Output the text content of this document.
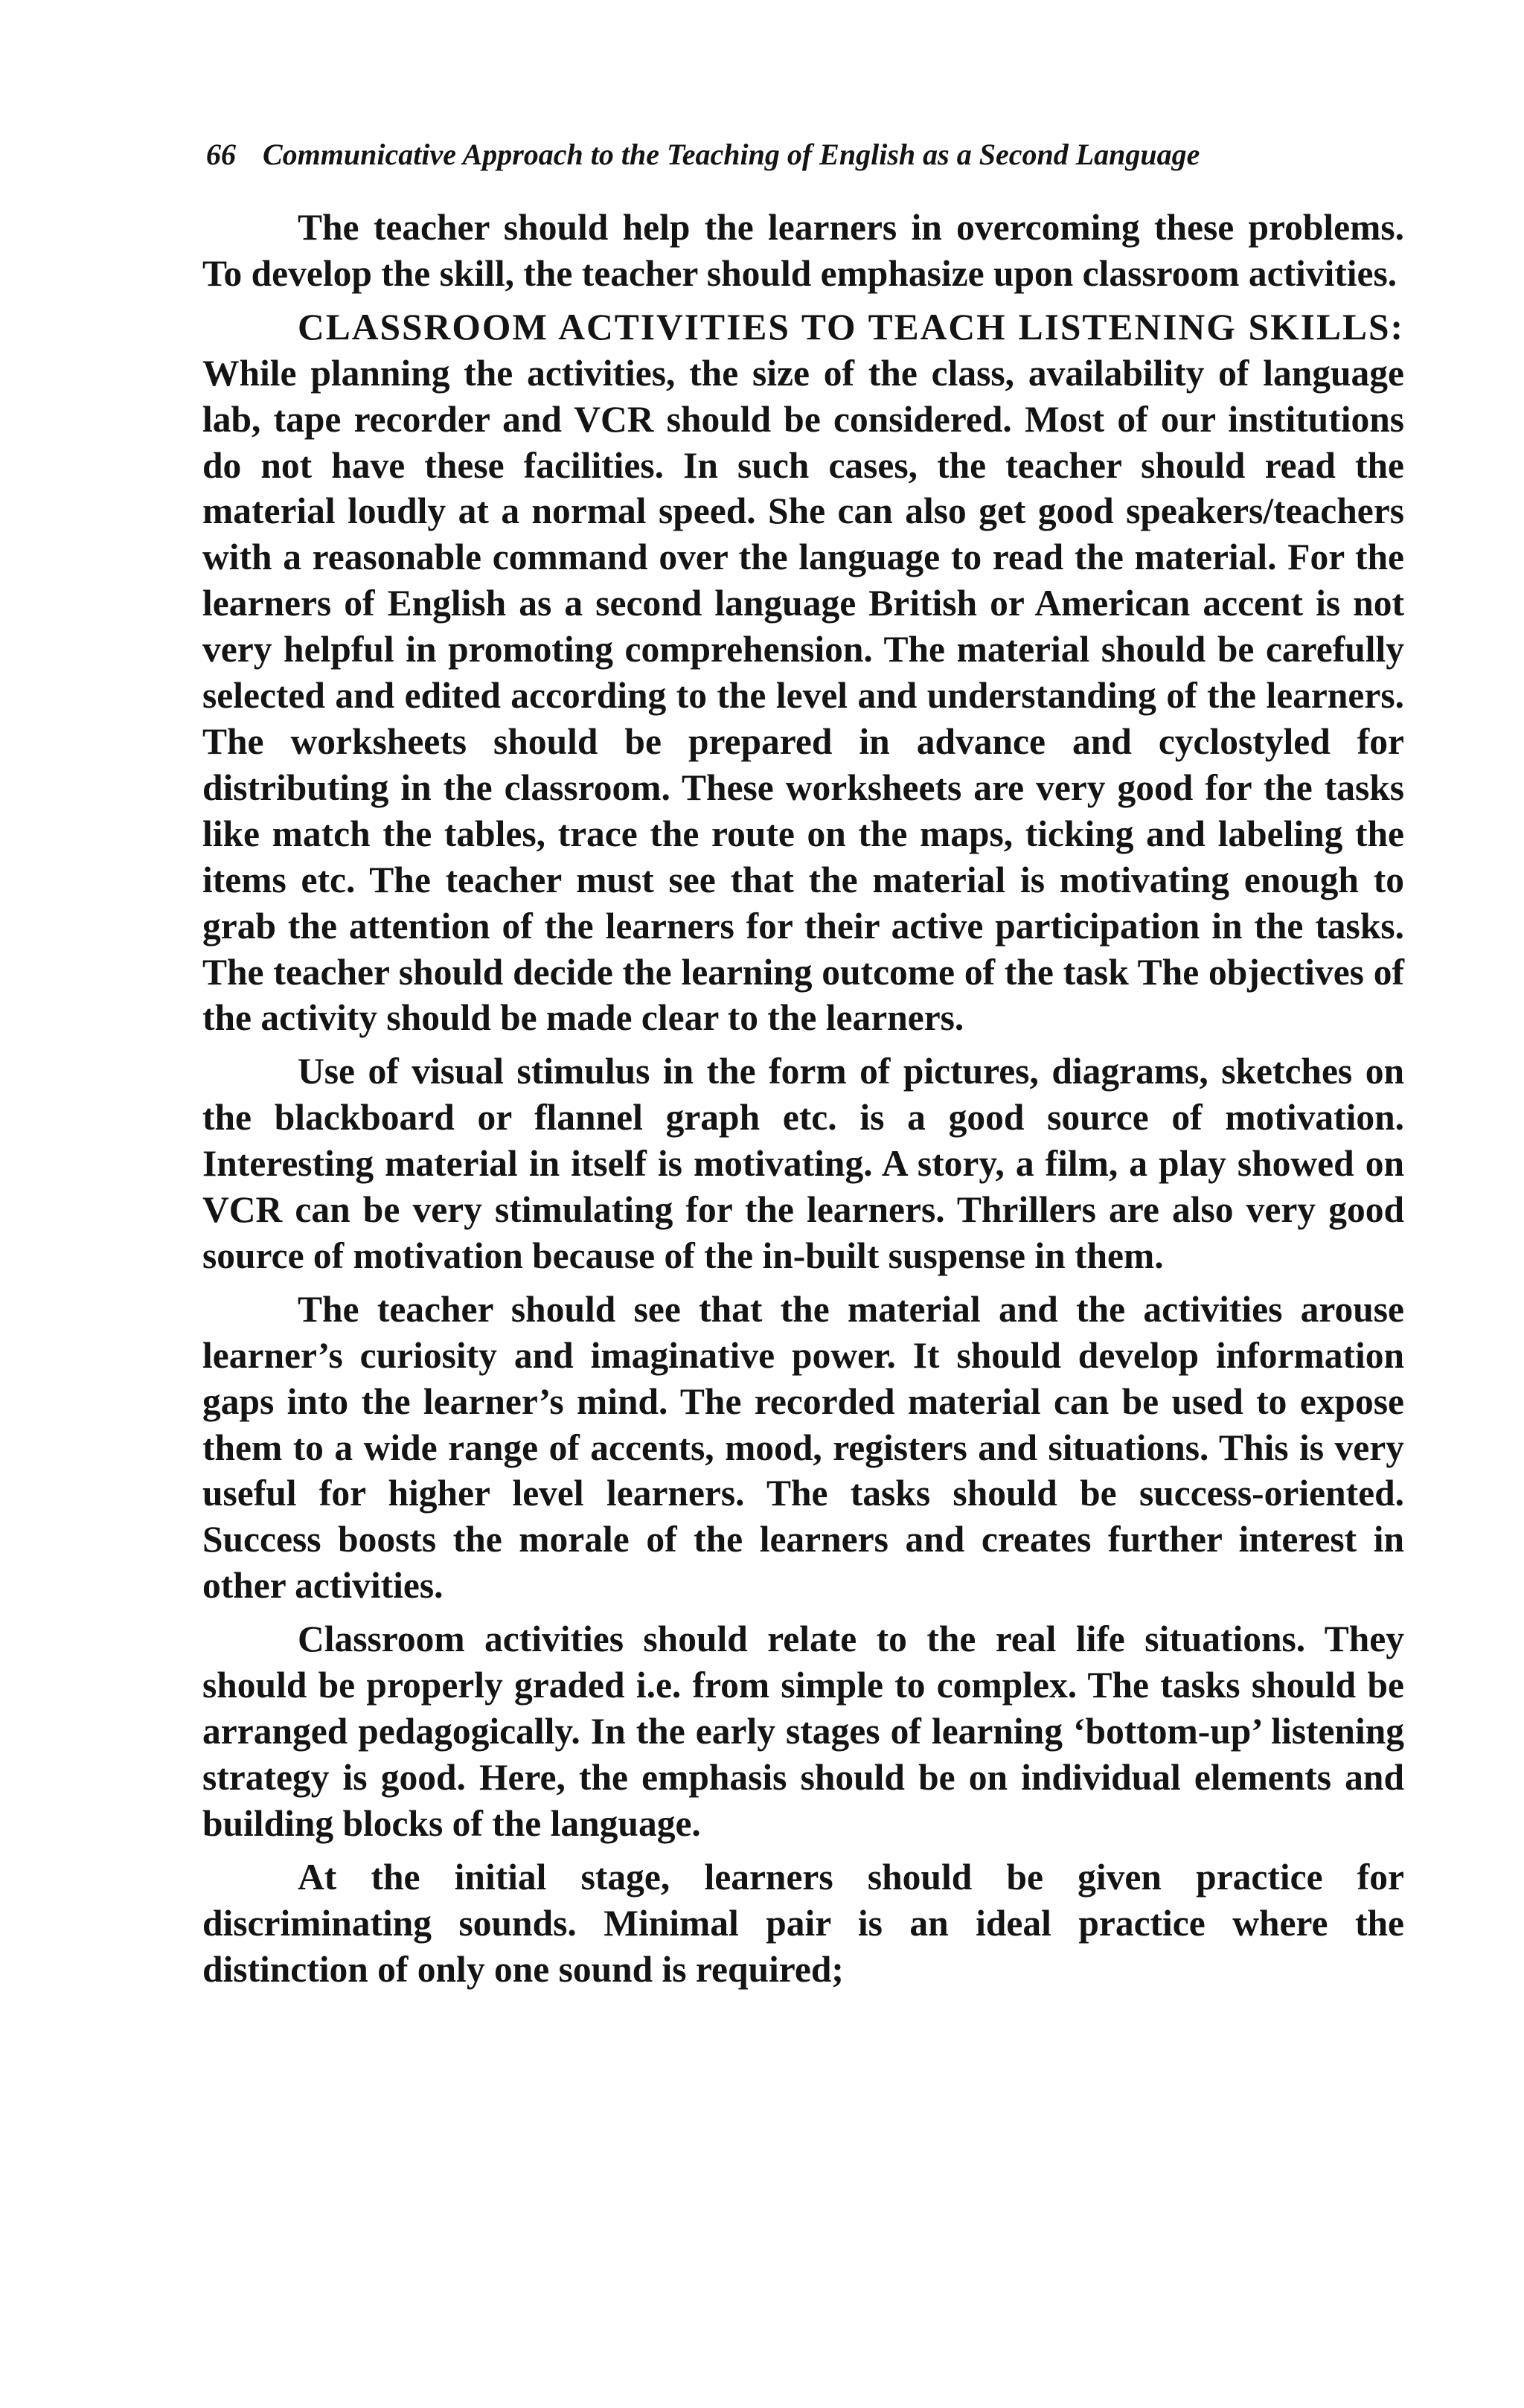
66 Communicative Approach to the Teaching of English as a Second Language

The teacher should help the learners in overcoming these problems. To develop the skill, the teacher should emphasize upon classroom activities.

CLASSROOM ACTIVITIES TO TEACH LISTENING SKILLS: While planning the activities, the size of the class, availability of language lab, tape recorder and VCR should be considered. Most of our institutions do not have these facilities. In such cases, the teacher should read the material loudly at a normal speed. She can also get good speakers/teachers with a reasonable command over the language to read the material. For the learners of English as a second language British or American accent is not very helpful in promoting comprehension. The material should be carefully selected and edited according to the level and understanding of the learners. The worksheets should be prepared in advance and cyclostyled for distributing in the classroom. These worksheets are very good for the tasks like match the tables, trace the route on the maps, ticking and labeling the items etc. The teacher must see that the material is motivating enough to grab the attention of the learners for their active participation in the tasks. The teacher should decide the learning outcome of the task The objectives of the activity should be made clear to the learners.

Use of visual stimulus in the form of pictures, diagrams, sketches on the blackboard or flannel graph etc. is a good source of motivation. Interesting material in itself is motivating. A story, a film, a play showed on VCR can be very stimulating for the learners. Thrillers are also very good source of motivation because of the in-built suspense in them.

The teacher should see that the material and the activities arouse learner’s curiosity and imaginative power. It should develop information gaps into the learner’s mind. The recorded material can be used to expose them to a wide range of accents, mood, registers and situations. This is very useful for higher level learners. The tasks should be success-oriented. Success boosts the morale of the learners and creates further interest in other activities.

Classroom activities should relate to the real life situations. They should be properly graded i.e. from simple to complex. The tasks should be arranged pedagogically. In the early stages of learning ‘bottom-up’ listening strategy is good. Here, the emphasis should be on individual elements and building blocks of the language.

At the initial stage, learners should be given practice for discriminating sounds. Minimal pair is an ideal practice where the distinction of only one sound is required;
